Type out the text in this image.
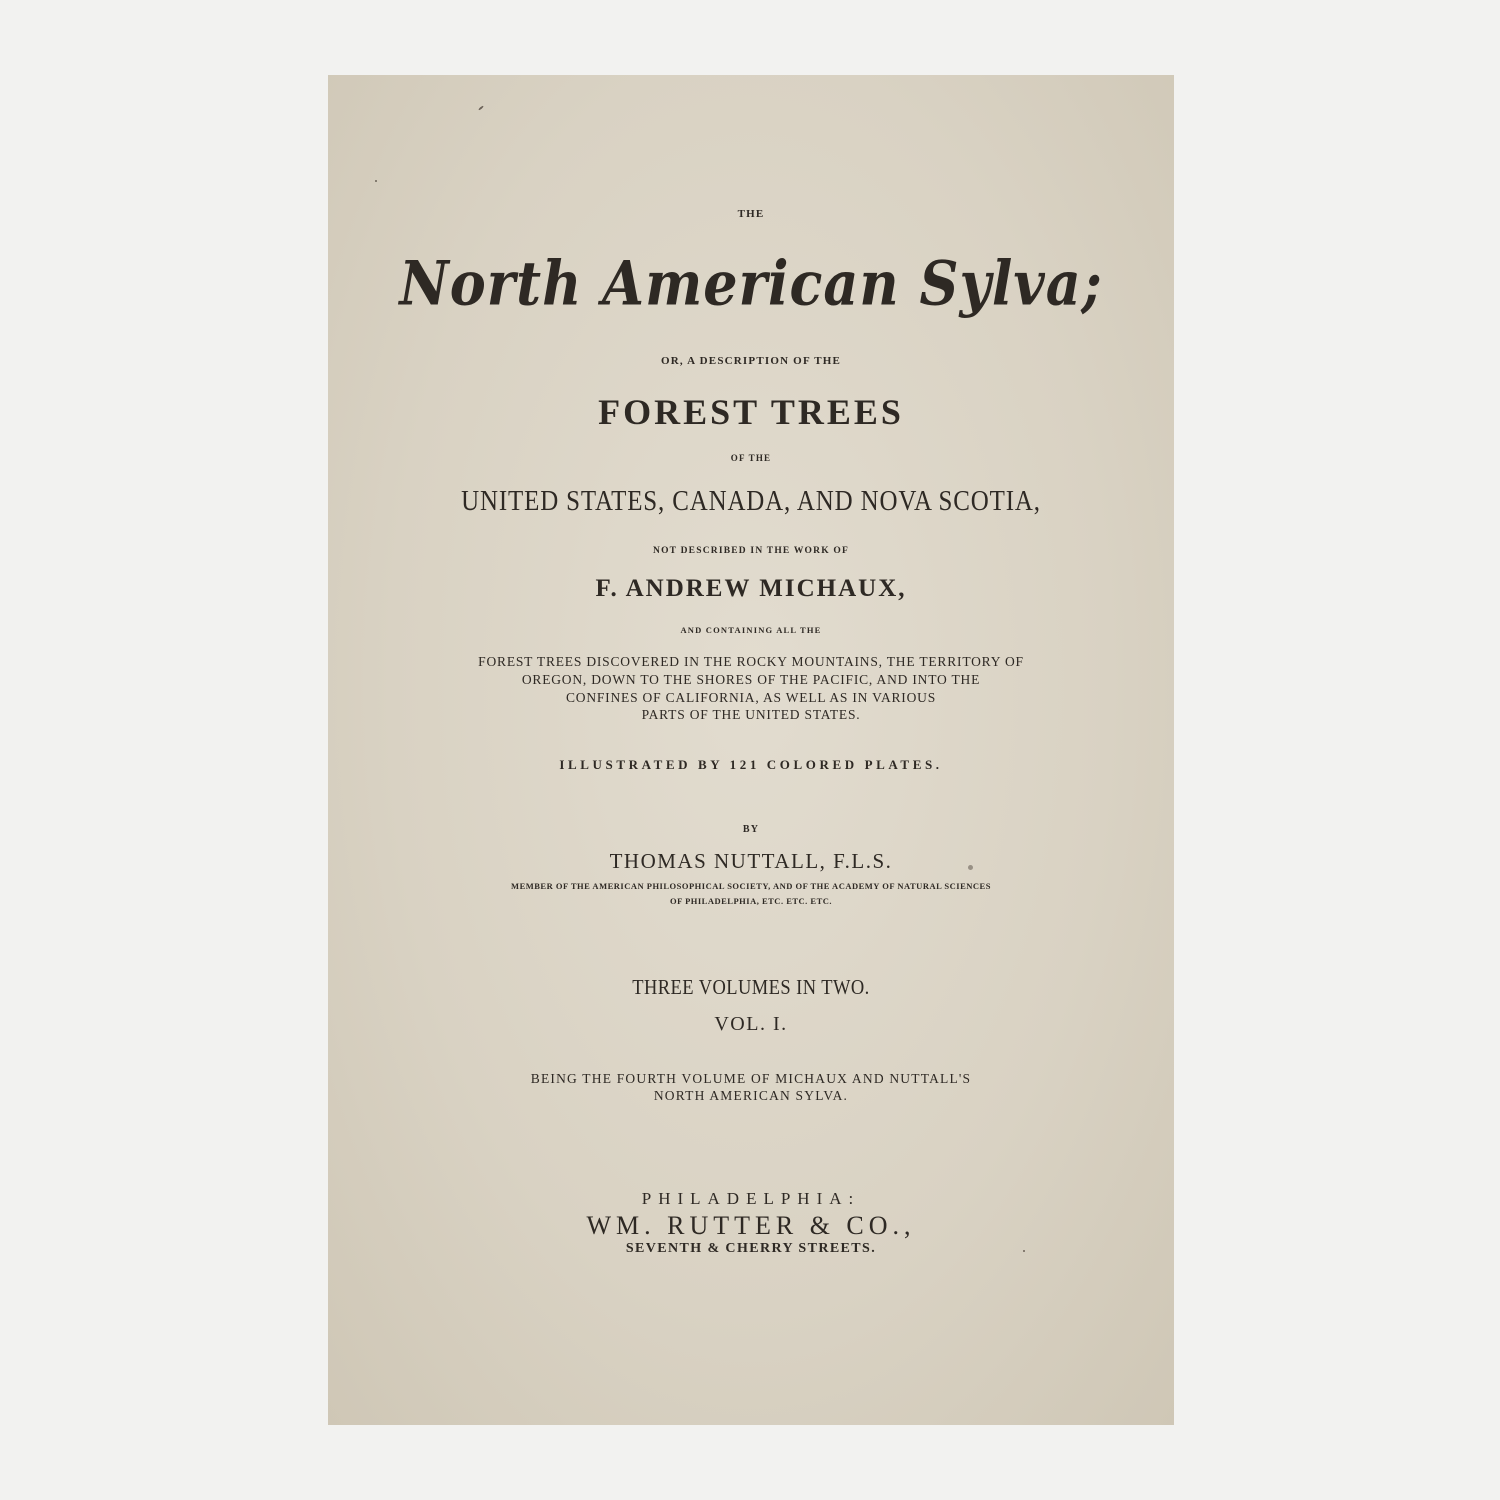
THE
North American Sylva;
OR, A DESCRIPTION OF THE
FOREST TREES
OF THE
UNITED STATES, CANADA, AND NOVA SCOTIA,
NOT DESCRIBED IN THE WORK OF
F. ANDREW MICHAUX,
AND CONTAINING ALL THE
FOREST TREES DISCOVERED IN THE ROCKY MOUNTAINS, THE TERRITORY OF
OREGON, DOWN TO THE SHORES OF THE PACIFIC, AND INTO THE
CONFINES OF CALIFORNIA, AS WELL AS IN VARIOUS
PARTS OF THE UNITED STATES.
ILLUSTRATED BY 121 COLORED PLATES.
BY
THOMAS NUTTALL, F.L.S.
MEMBER OF THE AMERICAN PHILOSOPHICAL SOCIETY, AND OF THE ACADEMY OF NATURAL SCIENCES
OF PHILADELPHIA, ETC. ETC. ETC.
THREE VOLUMES IN TWO.
VOL. I.
BEING THE FOURTH VOLUME OF MICHAUX AND NUTTALL'S
NORTH AMERICAN SYLVA.
PHILADELPHIA:
WM. RUTTER & CO.,
SEVENTH & CHERRY STREETS.
